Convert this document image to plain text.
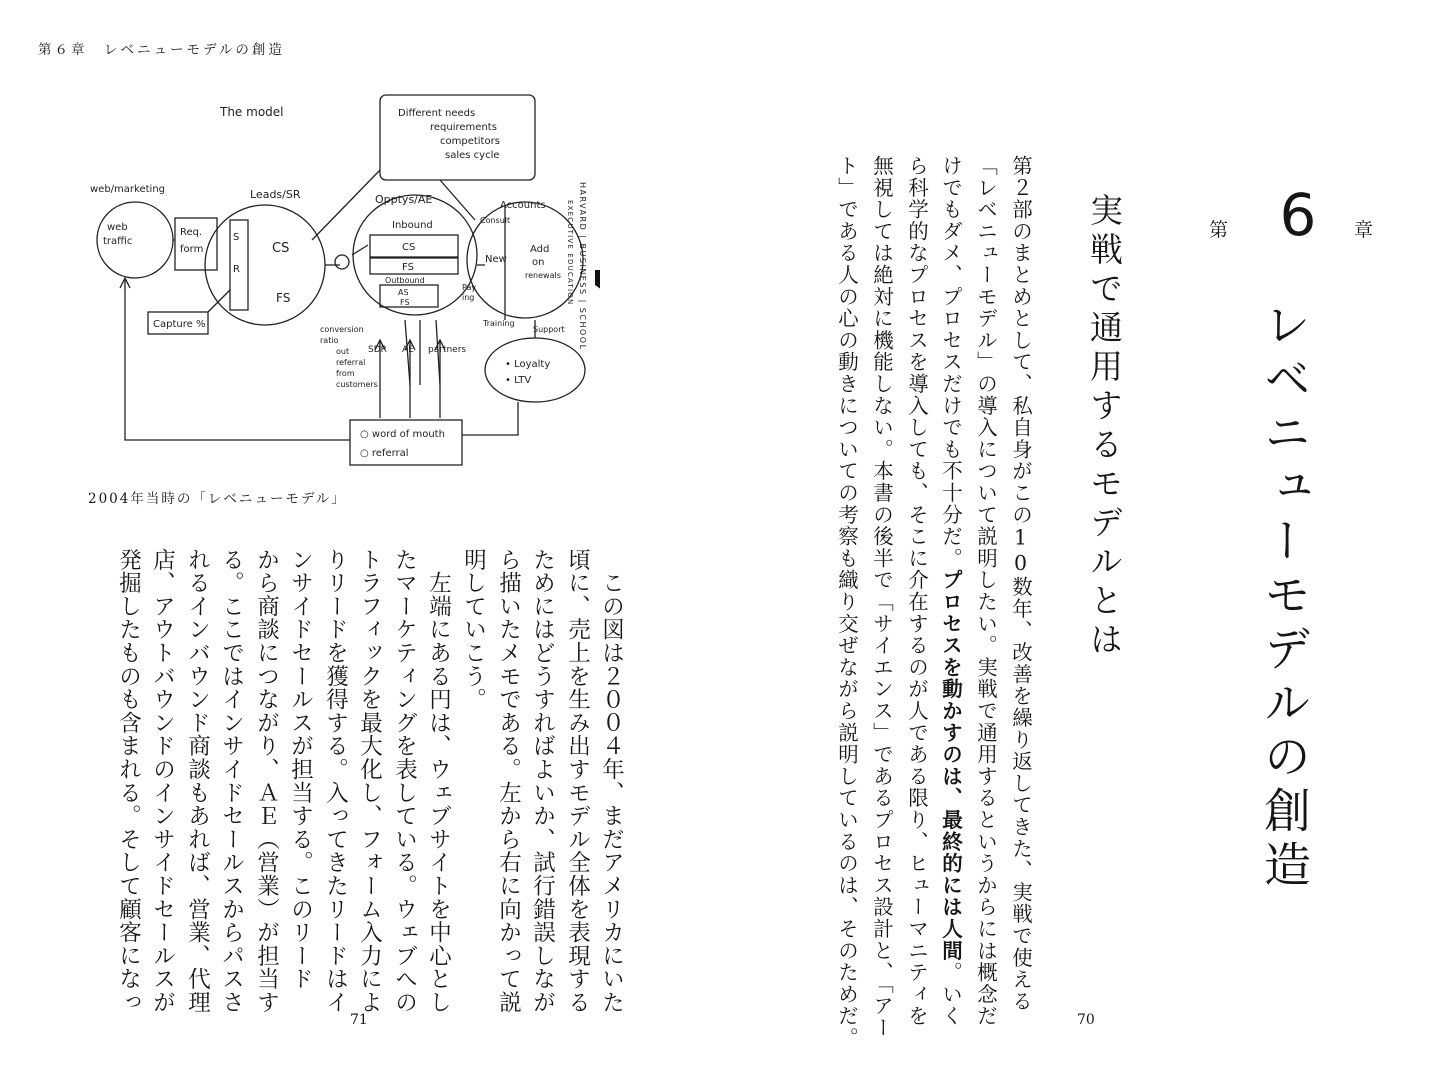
第６章　レベニューモデルの創造
The model	Different needs
requirements
competitors
sales cycle
web/marketing
web
traffic
Req.
form
Leads/SR
S
R
CS
FS
Opptys/AE
Inbound
CS
FS
Outbound
AS
FS
Accounts
Consult
New
Add
on
renewals
Pay
ing
Training
Support
Capture %	conversion
ratio
out
referral
from
customers
SDR AE partners
• Loyalty
• LTV
○ word of mouth
○ referral
HARVARD | BUSINESS | SCHOOL
EXECUTIVE EDUCATION
2004年当時の「レベニューモデル」
　この図は２００４年、まだアメリカにいた
頃に、売上を生み出すモデル全体を表現する
ためにはどうすればよいか、試行錯誤しなが
ら描いたメモである。左から右に向かって説
明していこう。
　左端にある円は、ウェブサイトを中心とし
たマーケティングを表している。ウェブへの
トラフィックを最大化し、フォーム入力によ
りリードを獲得する。入ってきたリードはイ
ンサイドセールスが担当する。このリード
から商談につながり、ＡＥ（営業）が担当す
る。ここではインサイドセールスからパスさ
れるインバウンド商談もあれば、営業、代理
店、アウトバウンドのインサイドセールスが
発掘したものも含まれる。そして顧客になっ
第 6	章
レベニューモデルの創造
実戦で通用するモデルとは
第２部のまとめとして、私自身がこの10数年、改善を繰り返してきた、実戦で使える
「レベニューモデル」の導入について説明したい。実戦で通用するというからには概念だ
けでもダメ、プロセスだけでも不十分だ。プロセスを動かすのは、最終的には人間。いく
ら科学的なプロセスを導入しても、そこに介在するのが人である限り、ヒューマニティを
無視しては絶対に機能しない。本書の後半で「サイエンス」であるプロセス設計と、「アー
ト」である人の心の動きについての考察も織り交ぜながら説明しているのは、そのためだ。
71	70
